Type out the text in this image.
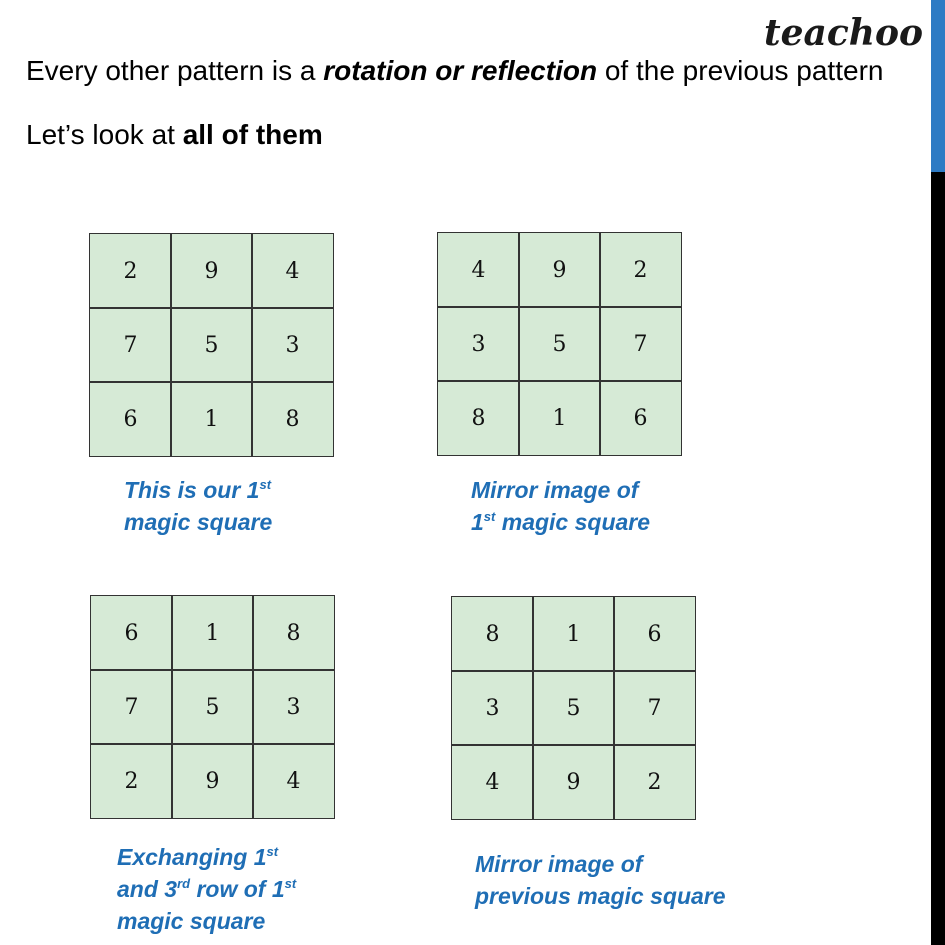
teachoo
Every other pattern is a rotation or reflection of the previous pattern
Let’s look at all of them
2	9	4
7	5	3
6	1	8
This is our 1st
magic square
4	9	2
3	5	7
8	1	6
Mirror image of
1st magic square
6	1	8
7	5	3
2	9	4
Exchanging 1st
and 3rd row of 1st
magic square
8	1	6
3	5	7
4	9	2
Mirror image of
previous magic square
